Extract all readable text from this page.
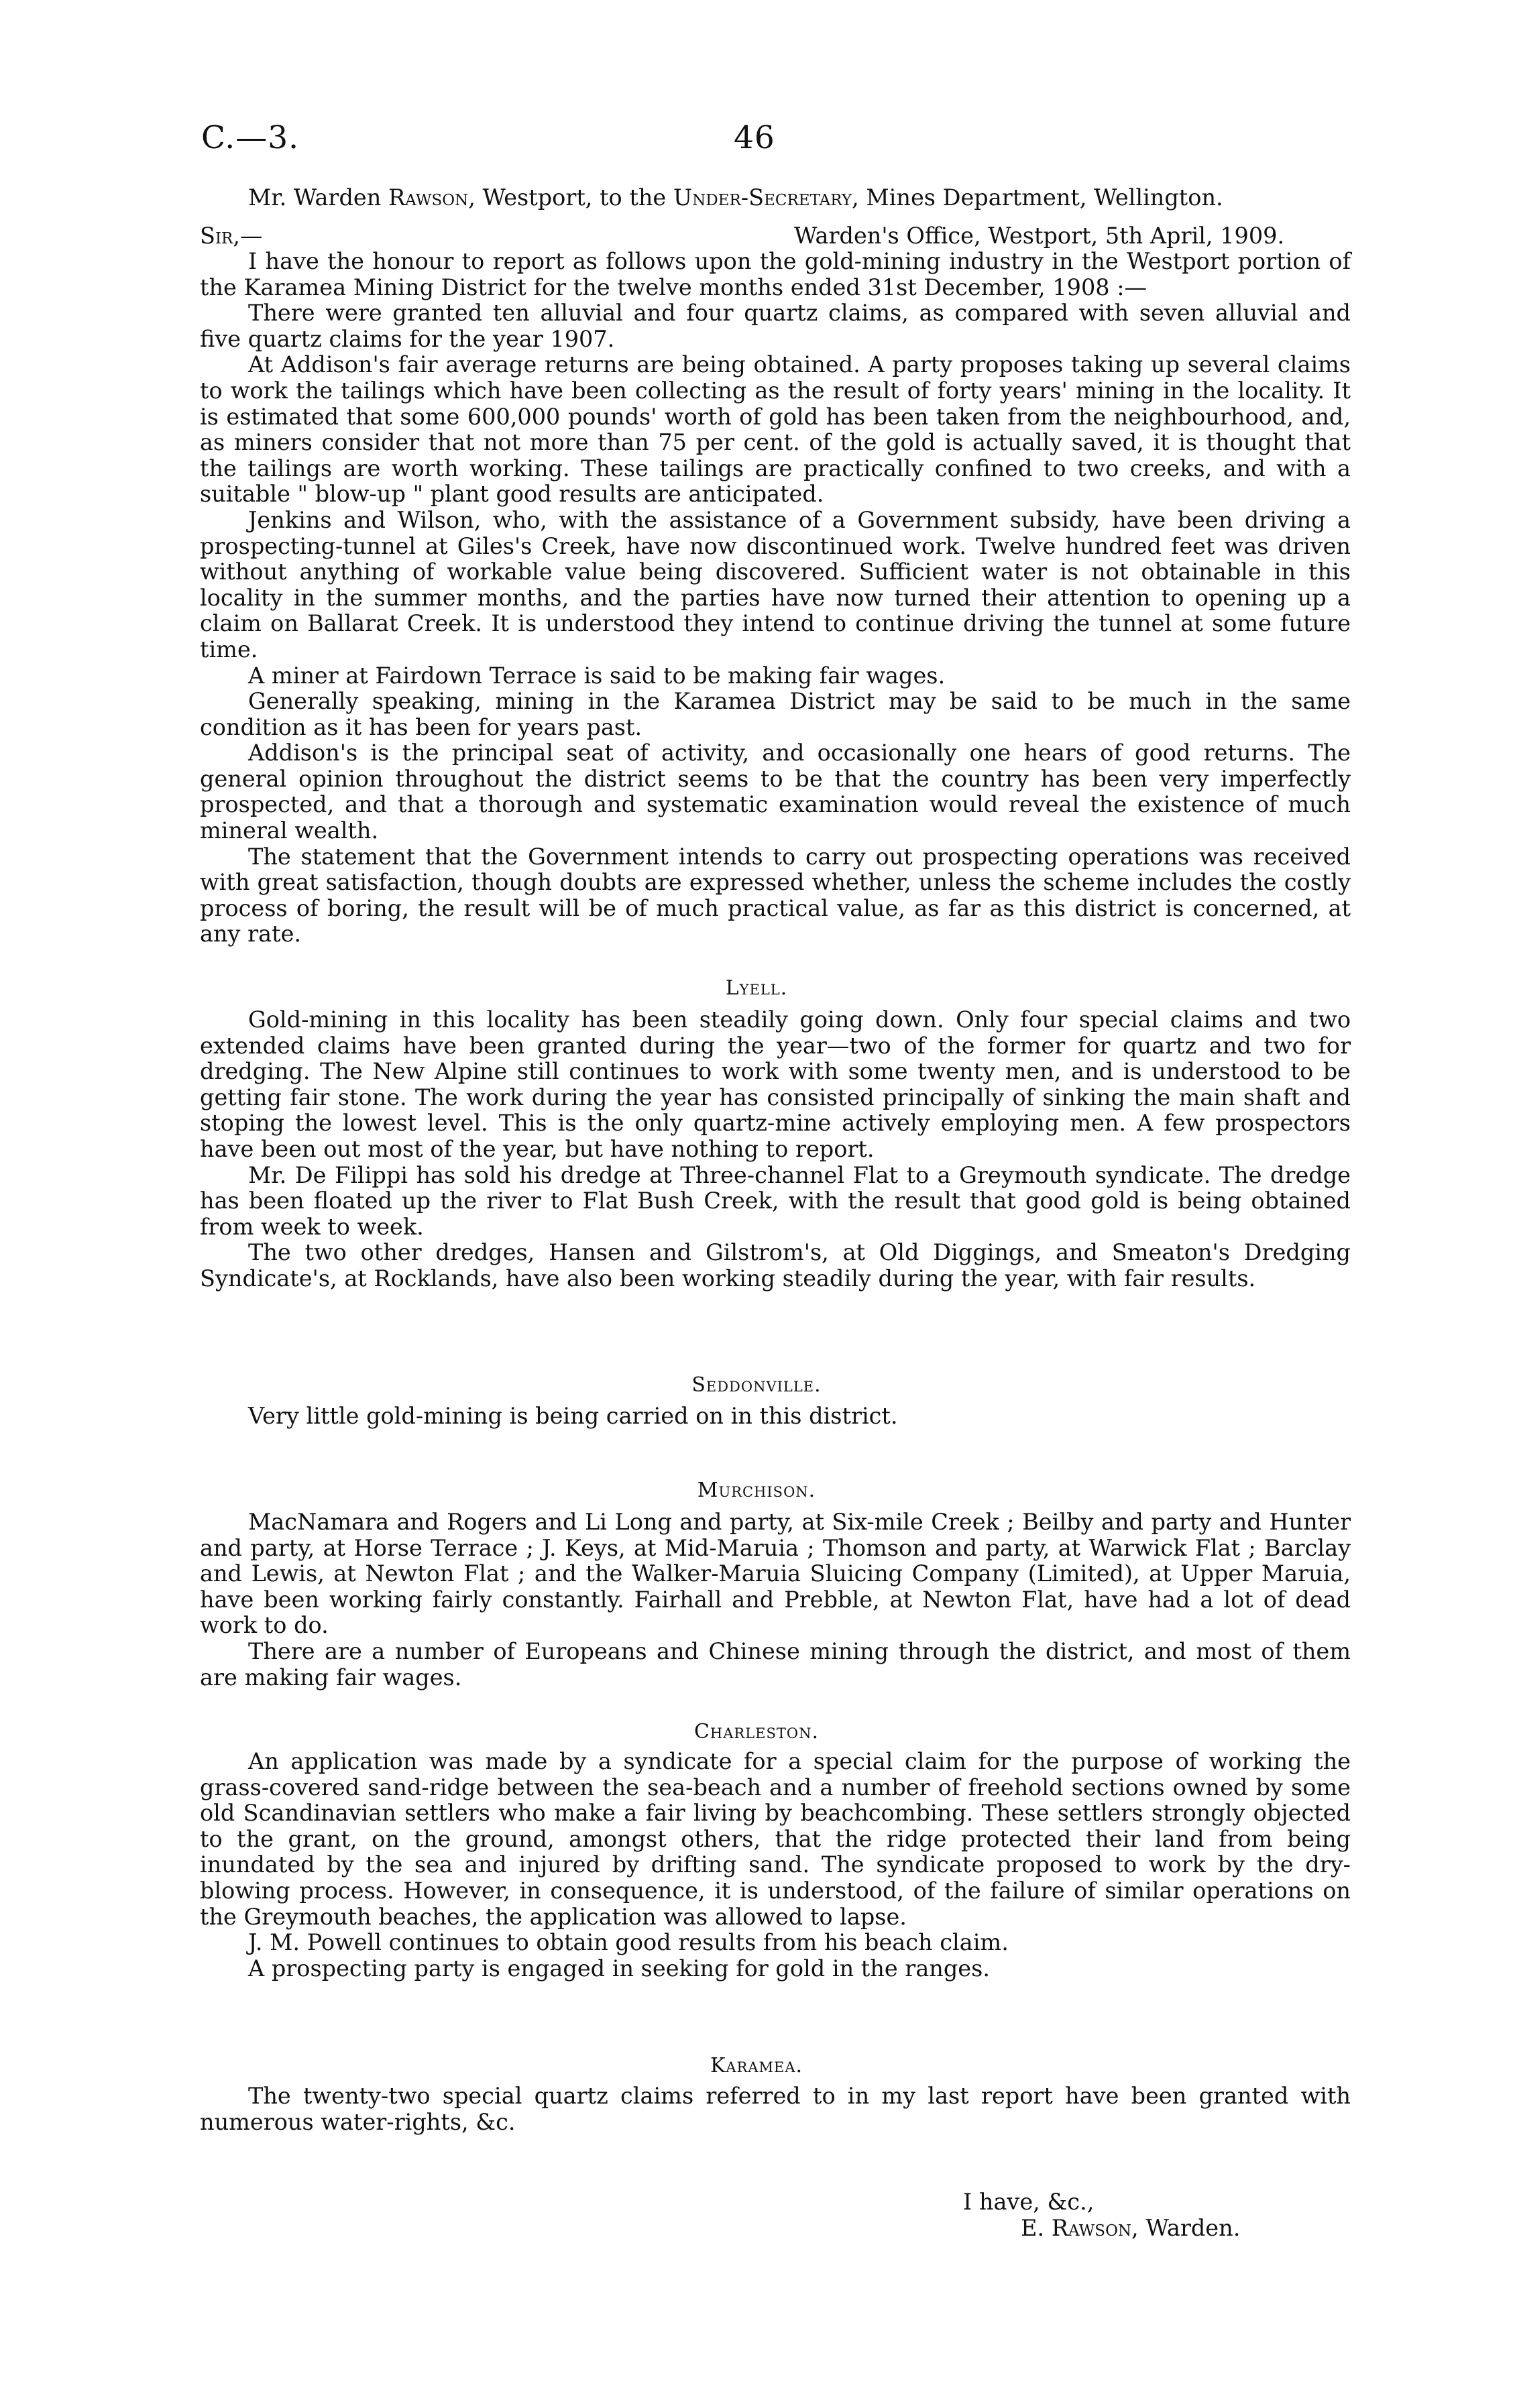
C.—3.	46
Mr. Warden Rawson, Westport, to the Under-Secretary, Mines Department, Wellington.
Sir,—	Warden's Office, Westport, 5th April, 1909.

I have the honour to report as follows upon the gold-mining industry in the Westport portion of the Karamea Mining District for the twelve months ended 31st December, 1908 :—

There were granted ten alluvial and four quartz claims, as compared with seven alluvial and five quartz claims for the year 1907.

At Addison's fair average returns are being obtained. A party proposes taking up several claims to work the tailings which have been collecting as the result of forty years' mining in the locality. It is estimated that some 600,000 pounds' worth of gold has been taken from the neighbourhood, and, as miners consider that not more than 75 per cent. of the gold is actually saved, it is thought that the tailings are worth working. These tailings are practically confined to two creeks, and with a suitable " blow-up " plant good results are anticipated.

Jenkins and Wilson, who, with the assistance of a Government subsidy, have been driving a prospecting-tunnel at Giles's Creek, have now discontinued work. Twelve hundred feet was driven without anything of workable value being discovered. Sufficient water is not obtainable in this locality in the summer months, and the parties have now turned their attention to opening up a claim on Ballarat Creek. It is understood they intend to continue driving the tunnel at some future time.

A miner at Fairdown Terrace is said to be making fair wages.

Generally speaking, mining in the Karamea District may be said to be much in the same condition as it has been for years past.

Addison's is the principal seat of activity, and occasionally one hears of good returns. The general opinion throughout the district seems to be that the country has been very imperfectly prospected, and that a thorough and systematic examination would reveal the existence of much mineral wealth.

The statement that the Government intends to carry out prospecting operations was received with great satisfaction, though doubts are expressed whether, unless the scheme includes the costly process of boring, the result will be of much practical value, as far as this district is concerned, at any rate.

Lyell.

Gold-mining in this locality has been steadily going down. Only four special claims and two extended claims have been granted during the year—two of the former for quartz and two for dredging. The New Alpine still continues to work with some twenty men, and is understood to be getting fair stone. The work during the year has consisted principally of sinking the main shaft and stoping the lowest level. This is the only quartz-mine actively employing men. A few prospectors have been out most of the year, but have nothing to report.

Mr. De Filippi has sold his dredge at Three-channel Flat to a Greymouth syndicate. The dredge has been floated up the river to Flat Bush Creek, with the result that good gold is being obtained from week to week.

The two other dredges, Hansen and Gilstrom's, at Old Diggings, and Smeaton's Dredging Syndicate's, at Rocklands, have also been working steadily during the year, with fair results.

Seddonville.

Very little gold-mining is being carried on in this district.

Murchison.

MacNamara and Rogers and Li Long and party, at Six-mile Creek ; Beilby and party and Hunter and party, at Horse Terrace ; J. Keys, at Mid-Maruia ; Thomson and party, at Warwick Flat ; Barclay and Lewis, at Newton Flat ; and the Walker-Maruia Sluicing Company (Limited), at Upper Maruia, have been working fairly constantly. Fairhall and Prebble, at Newton Flat, have had a lot of dead work to do.

There are a number of Europeans and Chinese mining through the district, and most of them are making fair wages.

Charleston.

An application was made by a syndicate for a special claim for the purpose of working the grass-covered sand-ridge between the sea-beach and a number of freehold sections owned by some old Scandinavian settlers who make a fair living by beachcombing. These settlers strongly objected to the grant, on the ground, amongst others, that the ridge protected their land from being inundated by the sea and injured by drifting sand. The syndicate proposed to work by the dry-blowing process. However, in consequence, it is understood, of the failure of similar operations on the Greymouth beaches, the application was allowed to lapse.

J. M. Powell continues to obtain good results from his beach claim.

A prospecting party is engaged in seeking for gold in the ranges.

Karamea.

The twenty-two special quartz claims referred to in my last report have been granted with numerous water-rights, &c.

I have, &c.,
E. Rawson, Warden.
